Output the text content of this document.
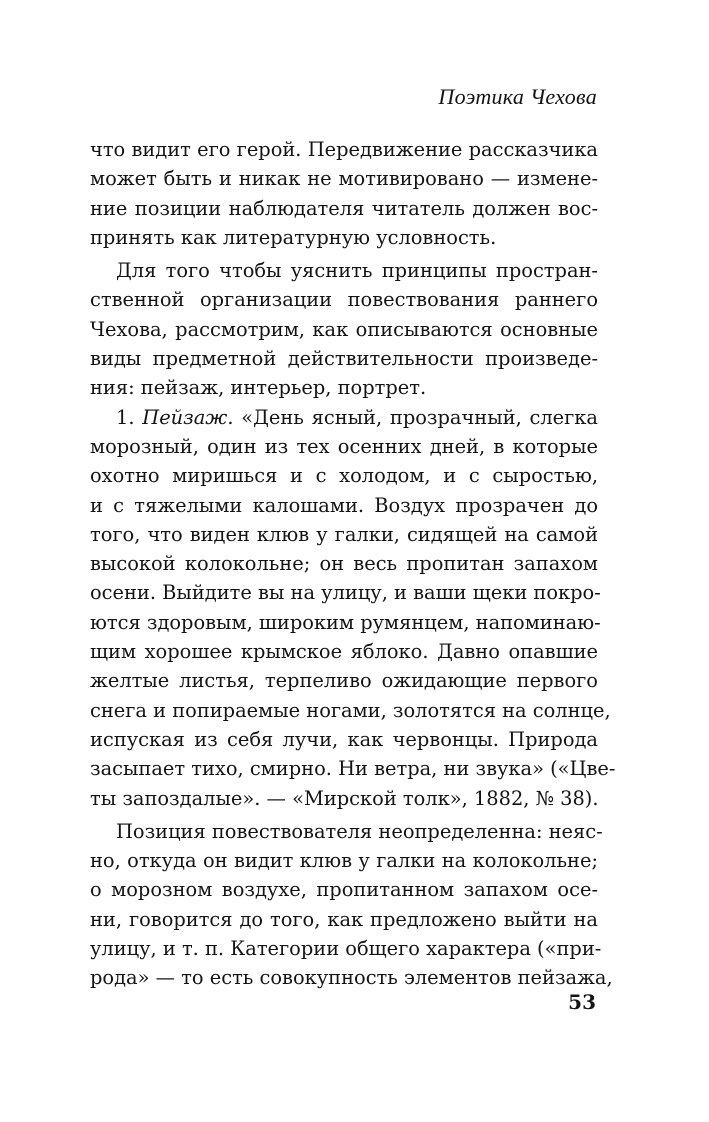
Поэтика Чехова
что видит его герой. Передвижение рассказчика
может быть и никак не мотивировано — измене-
ние позиции наблюдателя читатель должен вос-
принять как литературную условность.
Для того чтобы уяснить принципы простран-
ственной организации повествования раннего
Чехова, рассмотрим, как описываются основные
виды предметной действительности произведе-
ния: пейзаж, интерьер, портрет.
1. Пейзаж. «День ясный, прозрачный, слегка
морозный, один из тех осенних дней, в которые
охотно миришься и с холодом, и с сыростью,
и с тяжелыми калошами. Воздух прозрачен до
того, что виден клюв у галки, сидящей на самой
высокой колокольне; он весь пропитан запахом
осени. Выйдите вы на улицу, и ваши щеки покро-
ются здоровым, широким румянцем, напоминаю-
щим хорошее крымское яблоко. Давно опавшие
желтые листья, терпеливо ожидающие первого
снега и попираемые ногами, золотятся на солнце,
испуская из себя лучи, как червонцы. Природа
засыпает тихо, смирно. Ни ветра, ни звука» («Цве-
ты запоздалые». — «Мирской толк», 1882, № 38).
Позиция повествователя неопределенна: неяс-
но, откуда он видит клюв у галки на колокольне;
о морозном воздухе, пропитанном запахом осе-
ни, говорится до того, как предложено выйти на
улицу, и т. п. Категории общего характера («при-
рода» — то есть совокупность элементов пейзажа,
53
